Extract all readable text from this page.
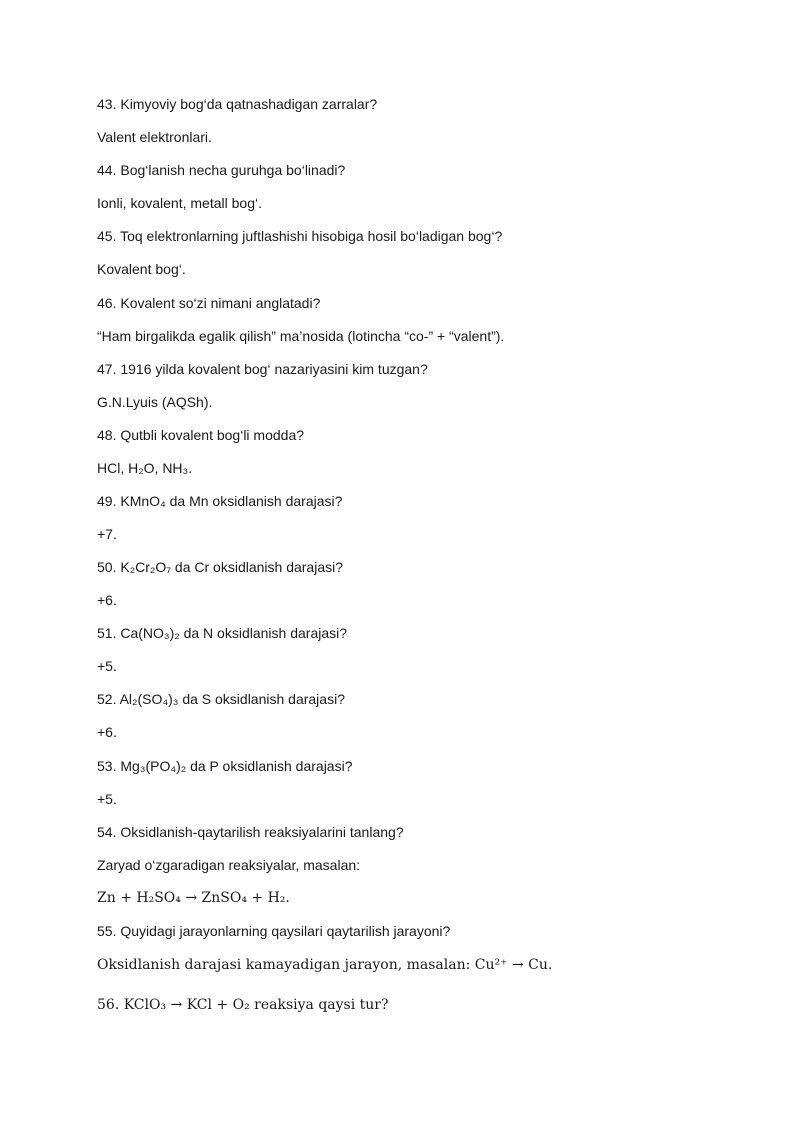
43. Kimyoviy bog‘da qatnashadigan zarralar?
Valent elektronlari.
44. Bog‘lanish necha guruhga bo‘linadi?
Ionli, kovalent, metall bog‘.
45. Toq elektronlarning juftlashishi hisobiga hosil bo‘ladigan bog‘?
Kovalent bog‘.
46. Kovalent so‘zi nimani anglatadi?
“Ham birgalikda egalik qilish” ma’nosida (lotincha “co-” + “valent”).
47. 1916 yilda kovalent bog‘ nazariyasini kim tuzgan?
G.N.Lyuis (AQSh).
48. Qutbli kovalent bog‘li modda?
HCl, H₂O, NH₃.
49. KMnO₄ da Mn oksidlanish darajasi?
+7.
50. K₂Cr₂O₇ da Cr oksidlanish darajasi?
+6.
51. Ca(NO₃)₂ da N oksidlanish darajasi?
+5.
52. Al₂(SO₄)₃ da S oksidlanish darajasi?
+6.
53. Mg₃(PO₄)₂ da P oksidlanish darajasi?
+5.
54. Oksidlanish-qaytarilish reaksiyalarini tanlang?
Zaryad o‘zgaradigan reaksiyalar, masalan:
Zn + H₂SO₄ → ZnSO₄ + H₂.
55. Quyidagi jarayonlarning qaysilari qaytarilish jarayoni?
Oksidlanish darajasi kamayadigan jarayon, masalan: Cu²⁺ → Cu.
56. KClO₃ → KCl + O₂ reaksiya qaysi tur?
